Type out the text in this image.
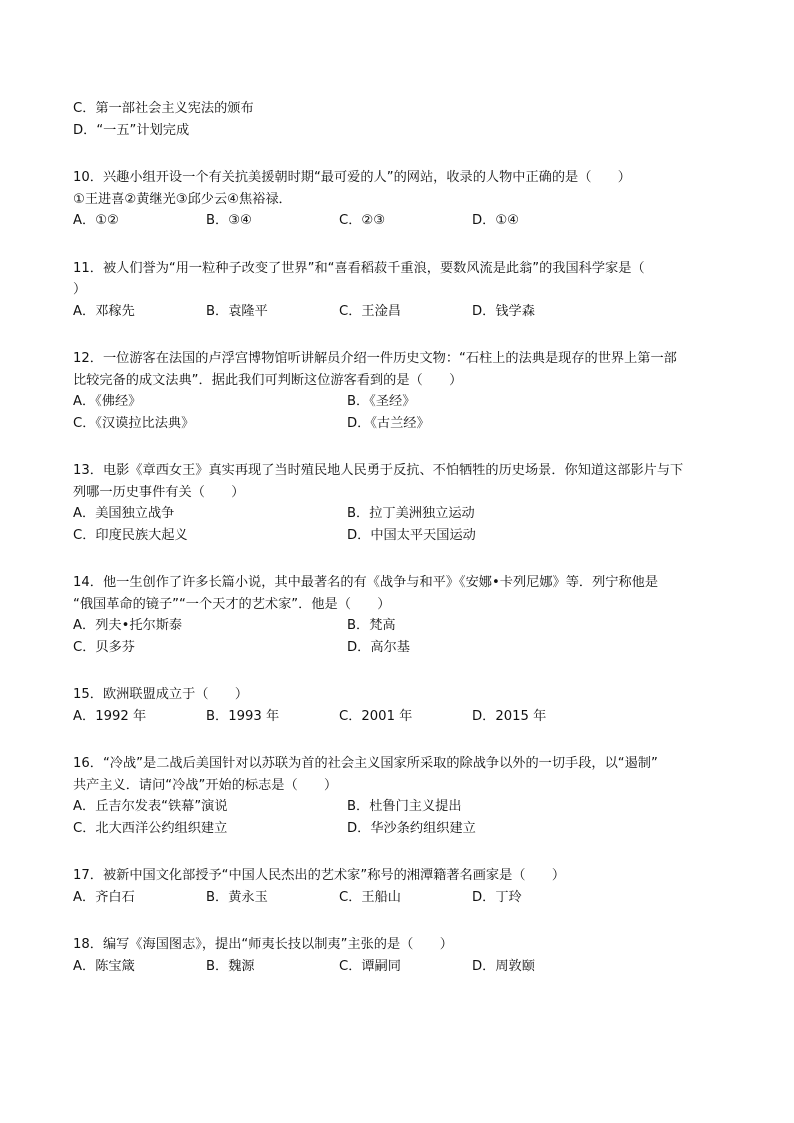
C．第一部社会主义宪法的颁布
D．“一五”计划完成
10．兴趣小组开设一个有关抗美援朝时期“最可爱的人”的网站，收录的人物中正确的是（　　）
①王进喜②黄继光③邱少云④焦裕禄．
A．①②	B．③④	C．②③	D．①④
11．被人们誉为“用一粒种子改变了世界”和“喜看稻菽千重浪，要数风流是此翁”的我国科学家是（
）
A．邓稼先	B．袁隆平	C．王淦昌	D．钱学森
12．一位游客在法国的卢浮宫博物馆听讲解员介绍一件历史文物：“石柱上的法典是现存的世界上第一部
比较完备的成文法典”．据此我们可判断这位游客看到的是（　　）
A．《佛经》	B．《圣经》
C．《汉谟拉比法典》	D．《古兰经》
13．电影《章西女王》真实再现了当时殖民地人民勇于反抗、不怕牺牲的历史场景．你知道这部影片与下
列哪一历史事件有关（　　）
A．美国独立战争	B．拉丁美洲独立运动
C．印度民族大起义	D．中国太平天国运动
14．他一生创作了许多长篇小说，其中最著名的有《战争与和平》《安娜•卡列尼娜》等．列宁称他是
“俄国革命的镜子”“一个天才的艺术家”．他是（　　）
A．列夫•托尔斯泰	B．梵高
C．贝多芬	D．高尔基
15．欧洲联盟成立于（　　）
A．1992 年	B．1993 年	C．2001 年	D．2015 年
16．“冷战”是二战后美国针对以苏联为首的社会主义国家所采取的除战争以外的一切手段，以“遏制”
共产主义．请问“冷战”开始的标志是（　　）
A．丘吉尔发表“铁幕”演说	B．杜鲁门主义提出
C．北大西洋公约组织建立	D．华沙条约组织建立
17．被新中国文化部授予“中国人民杰出的艺术家”称号的湘潭籍著名画家是（　　）
A．齐白石	B．黄永玉	C．王船山	D．丁玲
18．编写《海国图志》，提出“师夷长技以制夷”主张的是（　　）
A．陈宝箴	B．魏源	C．谭嗣同	D．周敦颐
